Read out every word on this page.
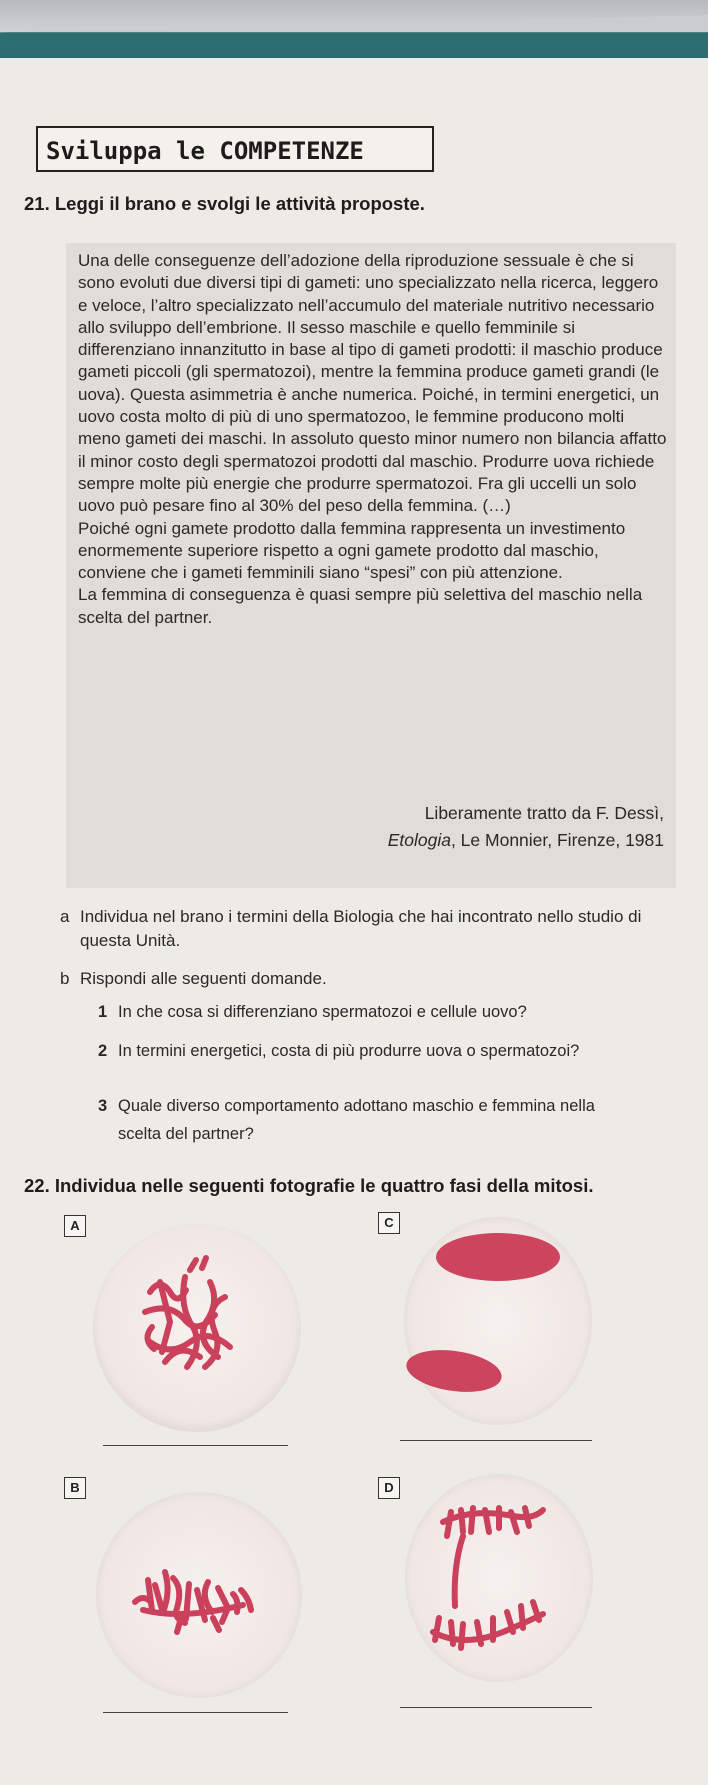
Sviluppa le COMPETENZE
21. Leggi il brano e svolgi le attività proposte.

Una delle conseguenze dell’adozione della riproduzione sessuale è che si sono evoluti due diversi tipi di gameti: uno specializzato nella ricerca, leggero e veloce, l’altro specializzato nell’accumulo del materiale nutritivo necessario allo sviluppo dell’embrione. Il sesso maschile e quello femminile si differenziano innanzitutto in base al tipo di gameti prodotti: il maschio produce gameti piccoli (gli spermatozoi), mentre la femmina produce gameti grandi (le uova). Questa asimmetria è anche numerica. Poiché, in termini energetici, un uovo costa molto di più di uno spermatozoo, le femmine producono molti meno gameti dei maschi. In assoluto questo minor numero non bilancia affatto il minor costo degli spermatozoi prodotti dal maschio. Produrre uova richiede sempre molte più energie che produrre spermatozoi. Fra gli uccelli un solo uovo può pesare fino al 30% del peso della femmina. (…)

Poiché ogni gamete prodotto dalla femmina rappresenta un investimento enormemente superiore rispetto a ogni gamete prodotto dal maschio, conviene che i gameti femminili siano “spesi” con più attenzione.

La femmina di conseguenza è quasi sempre più selettiva del maschio nella scelta del partner.

Liberamente tratto da F. Dessì,
Etologia, Le Monnier, Firenze, 1981
a Individua nel brano i termini della Biologia che hai incontrato nello studio di questa Unità.
b Rispondi alle seguenti domande.
1 In che cosa si differenziano spermatozoi e cellule uovo?
2 In termini energetici, costa di più produrre uova o spermatozoi?
3 Quale diverso comportamento adottano maschio e femmina nella scelta del partner?
22. Individua nelle seguenti fotografie le quattro fasi della mitosi.
A	C
B	D
